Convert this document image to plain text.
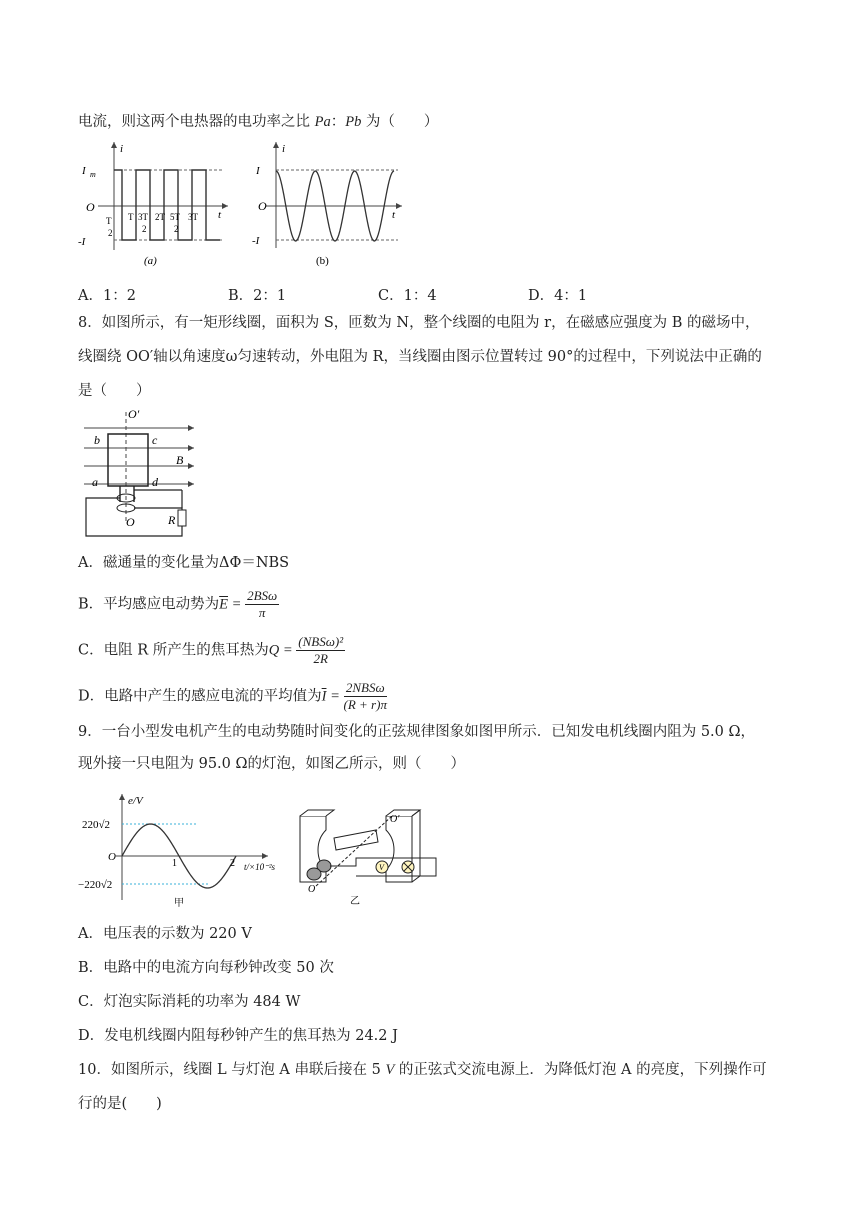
电流，则这两个电热器的电功率之比 Pa：Pb 为（　　）
i
I m
O
-I
t
T
2
T 3T
2
2T 5T
2
3T
(a)
i
I
O
-I
t
(b)
A．1：2	B．2：1	C．1：4	D．4：1
8．如图所示，有一矩形线圈，面积为 S，匝数为 N，整个线圈的电阻为 r，在磁感应强度为 B 的磁场中，
线圈绕 OO′轴以角速度ω匀速转动，外电阻为 R，当线圈由图示位置转过 90°的过程中，下列说法中正确的
是（　　）
O′
b	c
B
a	d
O	R
A．磁通量的变化量为ΔΦ＝NBS
B．平均感应电动势为$\overline{E} = \frac{\text{2BSω}}{\pi}$
C．电阻 R 所产生的焦耳热为$Q = \frac{\text{(NBSω)²}}{2R}$
D．电路中产生的感应电流的平均值为$\overline{I} = \frac{\text{2NBSω}}{(R + r)\pi}$
9．一台小型发电机产生的电动势随时间变化的正弦规律图象如图甲所示．已知发电机线圈内阻为 5.0 Ω，
现外接一只电阻为 95.0 Ω的灯泡，如图乙所示，则（　　）
e/V
220√2
−220√2
O
1	2 t/×10⁻²s
甲
O′
O
V
乙
A．电压表的示数为 220 V
B．电路中的电流方向每秒钟改变 50 次
C．灯泡实际消耗的功率为 484 W
D．发电机线圈内阻每秒钟产生的焦耳热为 24.2 J
10．如图所示，线圈 L 与灯泡 A 串联后接在 5 V 的正弦式交流电源上．为降低灯泡 A 的亮度，下列操作可
行的是(　　)
